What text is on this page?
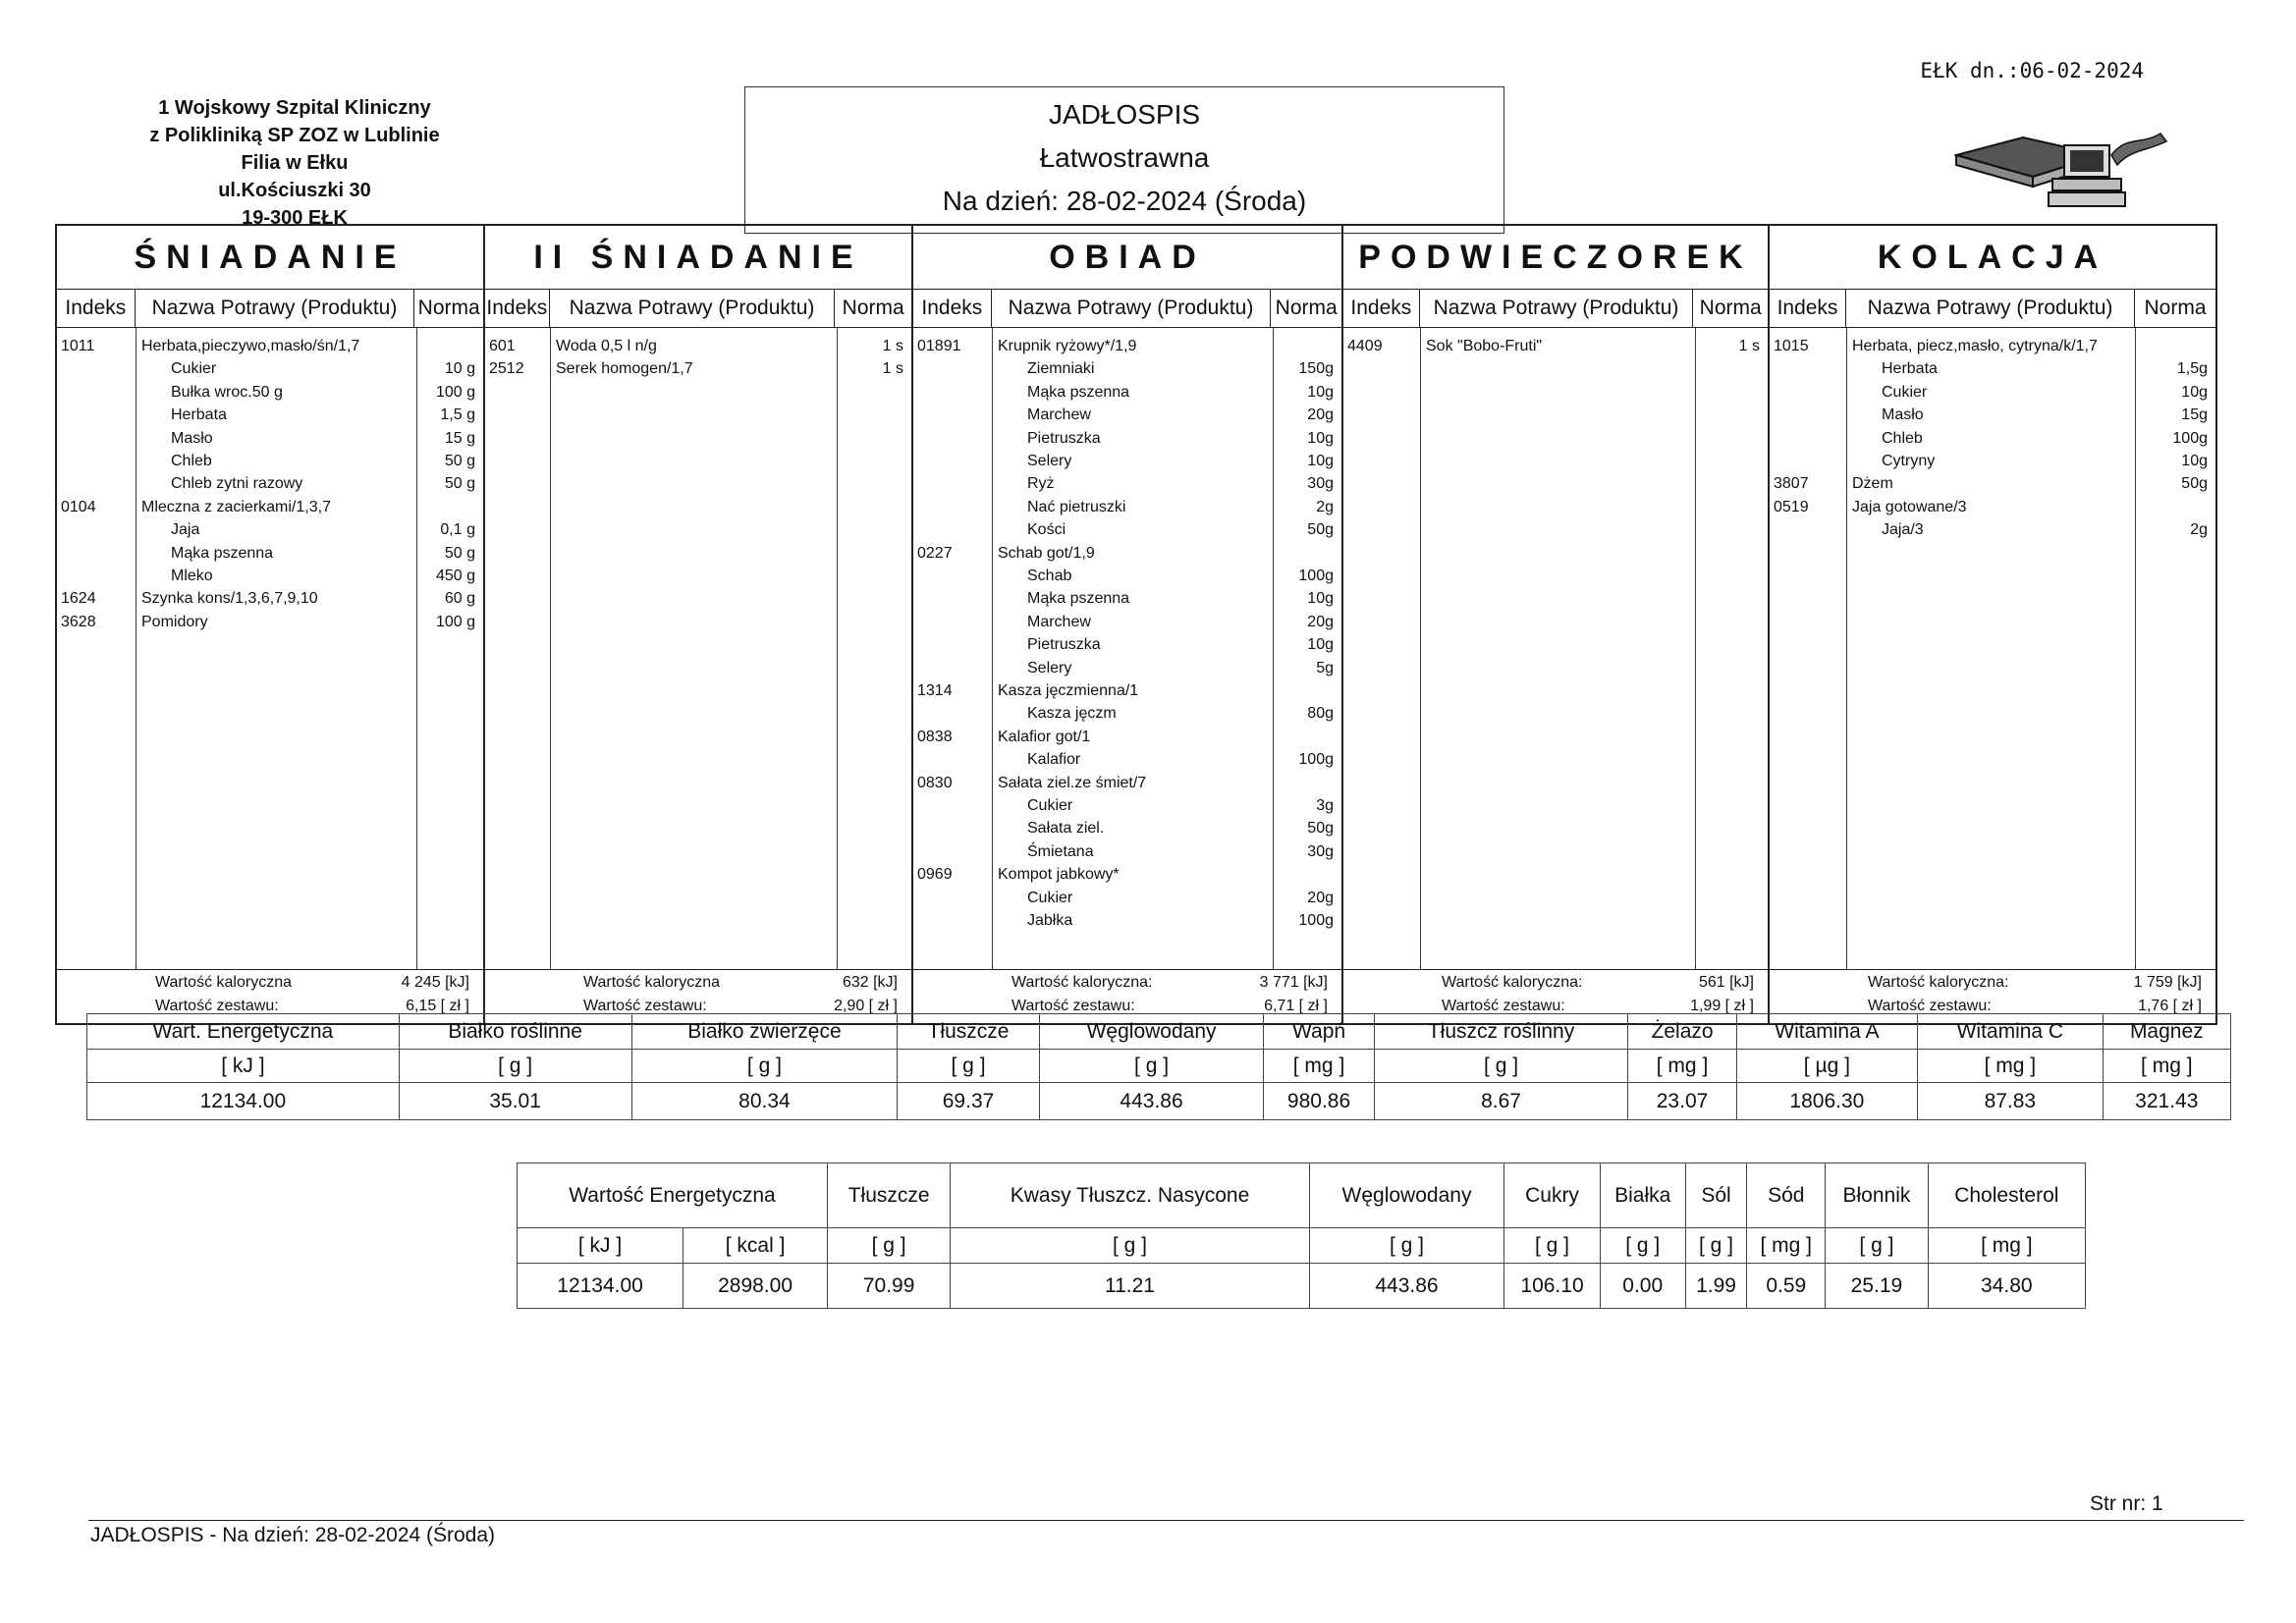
1 Wojskowy Szpital Kliniczny
z Polikliniką SP ZOZ w Lublinie
Filia w Ełku
ul.Kościuszki 30
19-300 EŁK
JADŁOSPIS
Łatwostrawna
Na dzień: 28-02-2024 (Środa)
EŁK dn.:06-02-2024
ŚNIADANIE
Indeks	Nazwa Potrawy (Produktu)	Norma
1011	Herbata,pieczywo,masło/śn/1,7
Cukier	10 g
Bułka wroc.50 g	100 g
Herbata	1,5 g
Masło	15 g
Chleb	50 g
Chleb zytni razowy	50 g
0104	Mleczna z zacierkami/1,3,7
Jaja	0,1 g
Mąka pszenna	50 g
Mleko	450 g
1624	Szynka kons/1,3,6,7,9,10	60 g
3628	Pomidory	100 g
Wartość kaloryczna	4 245 [kJ]
Wartość zestawu:	6,15 [ zł ]
II ŚNIADANIE
Indeks	Nazwa Potrawy (Produktu)	Norma
601	Woda 0,5 l n/g	1 s
2512 Serek homogen/1,7	1 s
Wartość kaloryczna	632 [kJ]
Wartość zestawu:	2,90 [ zł ]
OBIAD
Indeks	Nazwa Potrawy (Produktu)	Norma
01891 Krupnik ryżowy*/1,9
Ziemniaki	150g
Mąka pszenna	10g
Marchew	20g
Pietruszka	10g
Selery	10g
Ryż	30g
Nać pietruszki	2g
Kości	50g
0227	Schab got/1,9
Schab	100g
Mąka pszenna	10g
Marchew	20g
Pietruszka	10g
Selery	5g
1314	Kasza jęczmienna/1
Kasza jęczm	80g
0838	Kalafior got/1
Kalafior	100g
0830	Sałata ziel.ze śmiet/7
Cukier	3g
Sałata ziel.	50g
Śmietana	30g
0969	Kompot jabkowy*
Cukier	20g
Jabłka	100g
Wartość kaloryczna:	3 771 [kJ]
Wartość zestawu:	6,71 [ zł ]
PODWIECZOREK
Indeks	Nazwa Potrawy (Produktu)	Norma
4409	Sok "Bobo-Fruti"	1 s
Wartość kaloryczna:	561 [kJ]
Wartość zestawu:	1,99 [ zł ]
KOLACJA
Indeks	Nazwa Potrawy (Produktu)	Norma
1015	Herbata, piecz,masło, cytryna/k/1,7
Herbata	1,5g
Cukier	10g
Masło	15g
Chleb	100g
Cytryny	10g
3807	Dżem	50g
0519	Jaja gotowane/3
Jaja/3	2g
Wartość kaloryczna:	1 759 [kJ]
Wartość zestawu:	1,76 [ zł ]
Wart. Energetyczna	Białko roślinne	Białko zwierzęce	Tłuszcze	Węglowodany	Wapń	Tłuszcz roślinny	Żelazo	Witamina A	Witamina C	Magnez
[ kJ ]	[ g ]	[ g ]	[ g ]	[ g ]	[ mg ]	[ g ]	[ mg ]	[ µg ]	[ mg ]	[ mg ]
12134.00	35.01	80.34	69.37	443.86	980.86	8.67	23.07	1806.30	87.83	321.43
Wartość Energetyczna		Tłuszcze	Kwasy Tłuszcz. Nasycone	Węglowodany	Cukry	Białka	Sól	Sód	Błonnik	Cholesterol
[ kJ ]	[ kcal ]	[ g ]	[ g ]	[ g ]	[ g ]	[ g ]	[ g ]	[ mg ]	[ g ]	[ mg ]
12134.00	2898.00	70.99	11.21	443.86	106.10	0.00	1.99	0.59	25.19	34.80
JADŁOSPIS - Na dzień: 28-02-2024 (Środa)
Str nr: 1
